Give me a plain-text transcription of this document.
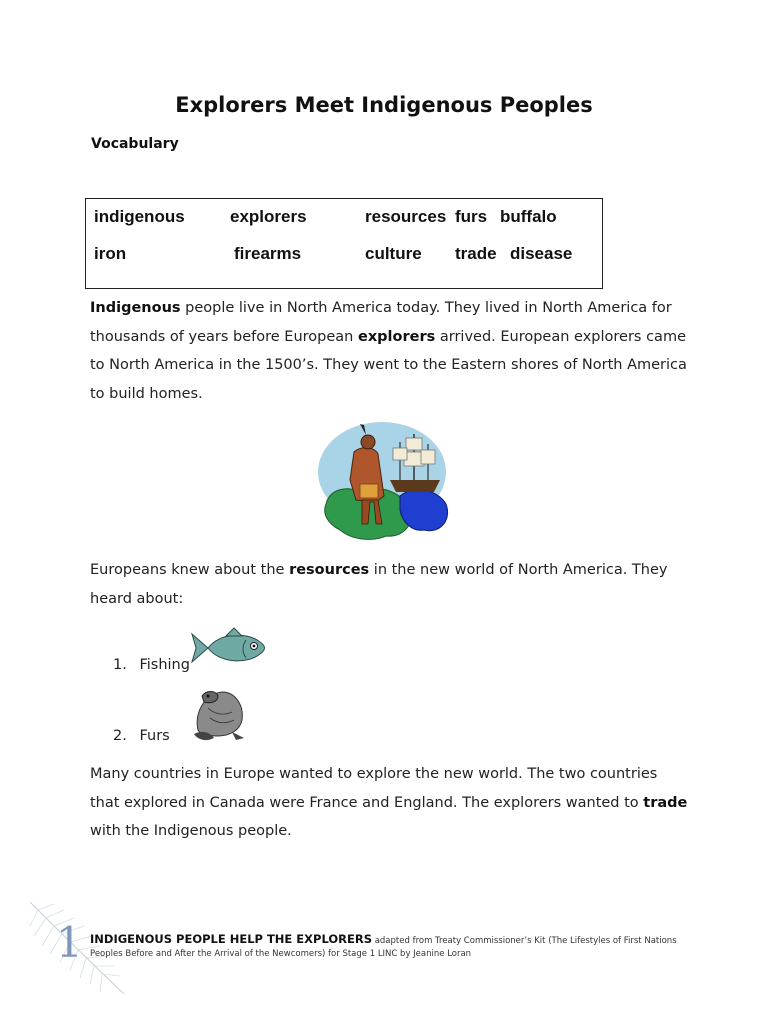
Explorers Meet Indigenous Peoples
Vocabulary
indigenous	explorers	resources furs buffalo
iron	firearms	culture trade disease
Indigenous people live in North America today. They lived in North America for thousands of years before European explorers arrived. European explorers came to North America in the 1500’s. They went to the Eastern shores of North America to build homes.
Europeans knew about the resources in the new world of North America. They heard about:
1. Fishing
2. Furs
Many countries in Europe wanted to explore the new world. The two countries that explored in Canada were France and England. The explorers wanted to trade with the Indigenous people.
1 INDIGENOUS PEOPLE HELP THE EXPLORERS adapted from Treaty Commissioner’s Kit (The Lifestyles of First Nations Peoples Before and After the Arrival of the Newcomers) for Stage 1 LINC by Jeanine Loran
